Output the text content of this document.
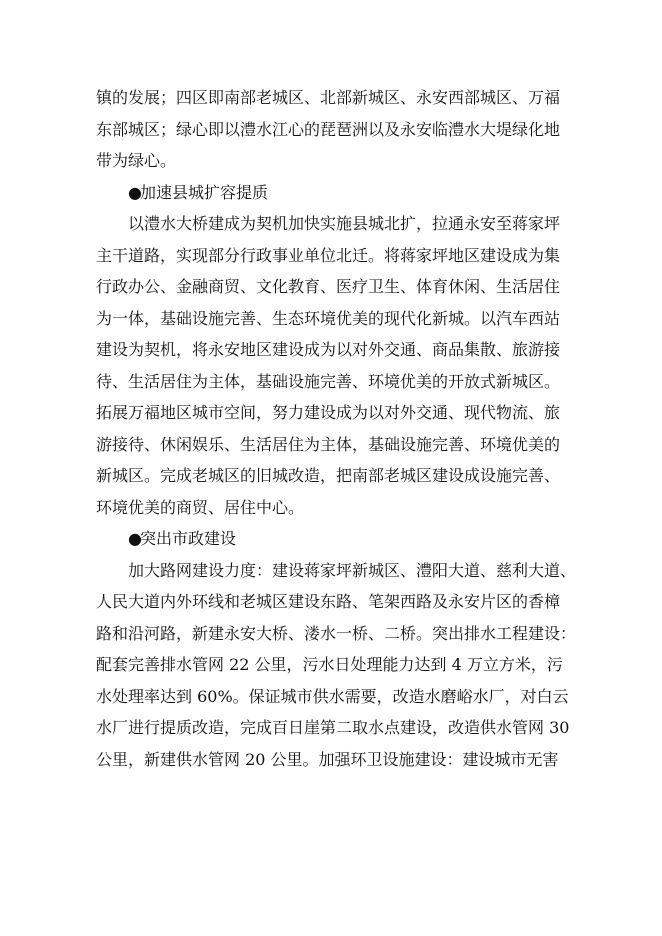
镇的发展；四区即南部老城区、北部新城区、永安西部城区、万福
东部城区；绿心即以澧水江心的琵琶洲以及永安临澧水大堤绿化地
带为绿心。
●加速县城扩容提质
以澧水大桥建成为契机加快实施县城北扩，拉通永安至蒋家坪
主干道路，实现部分行政事业单位北迁。将蒋家坪地区建设成为集
行政办公、金融商贸、文化教育、医疗卫生、体育休闲、生活居住
为一体，基础设施完善、生态环境优美的现代化新城。以汽车西站
建设为契机，将永安地区建设成为以对外交通、商品集散、旅游接
待、生活居住为主体，基础设施完善、环境优美的开放式新城区。
拓展万福地区城市空间，努力建设成为以对外交通、现代物流、旅
游接待、休闲娱乐、生活居住为主体，基础设施完善、环境优美的
新城区。完成老城区的旧城改造，把南部老城区建设成设施完善、
环境优美的商贸、居住中心。
●突出市政建设
加大路网建设力度：建设蒋家坪新城区、澧阳大道、慈利大道、
人民大道内外环线和老城区建设东路、笔架西路及永安片区的香樟
路和沿河路，新建永安大桥、溇水一桥、二桥。突出排水工程建设：
配套完善排水管网 22 公里，污水日处理能力达到 4 万立方米，污
水处理率达到 60%。保证城市供水需要，改造水磨峪水厂，对白云
水厂进行提质改造，完成百日崖第二取水点建设，改造供水管网 30
公里，新建供水管网 20 公里。加强环卫设施建设：建设城市无害
